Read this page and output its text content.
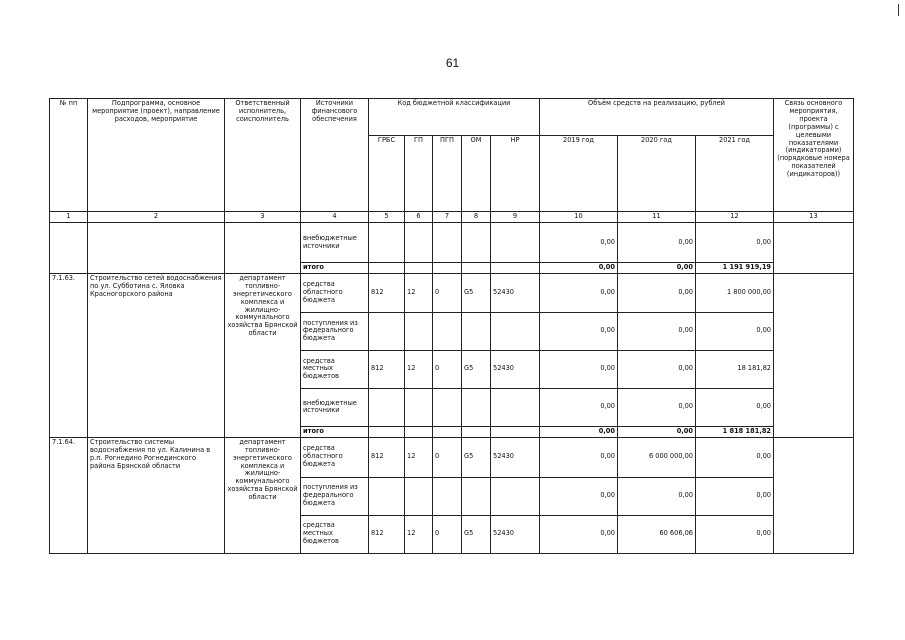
61
№ пп	Подпрограмма, основное мероприятие (проект), направление расходов, мероприятие	Ответственный исполнитель, соисполнитель	Источники финансового обеспечения	Код бюджетной классификации					Объём средств на реализацию, рублей			Связь основного мероприятия, проекта (программы) с целевыми показателями (индикаторами) (порядковые номера показателей (индикаторов))
				ГРБС	ГП	ПГП	ОМ	НР	2019 год	2020 год	2021 год	
1	2	3	4	5	6	7	8	9	10	11	12	13
			внебюджетные источники						0,00	0,00	0,00	
			итого						0,00	0,00	1 191 919,19	
7.1.63.	Строительство сетей водоснабжения по ул. Субботина с. Яловка Красногорского района	департамент топливно-энергетического комплекса и жилищно-коммунального хозяйства Брянской области	средства областного бюджета	812	12	0	G5	52430	0,00	0,00	1 800 000,00	
			поступления из федерального бюджета						0,00	0,00	0,00	
			средства местных бюджетов	812	12	0	G5	52430	0,00	0,00	18 181,82	
			внебюджетные источники						0,00	0,00	0,00	
			итого						0,00	0,00	1 818 181,82	
7.1.64.	Строительство системы водоснабжения по ул. Калинина в р.п. Рогнедино Рогнединского района Брянской области	департамент топливно-энергетического комплекса и жилищно-коммунального хозяйства Брянской области	средства областного бюджета	812	12	0	G5	52430	0,00	6 000 000,00	0,00	
			поступления из федерального бюджета						0,00	0,00	0,00	
			средства местных бюджетов	812	12	0	G5	52430	0,00	60 606,06	0,00	
